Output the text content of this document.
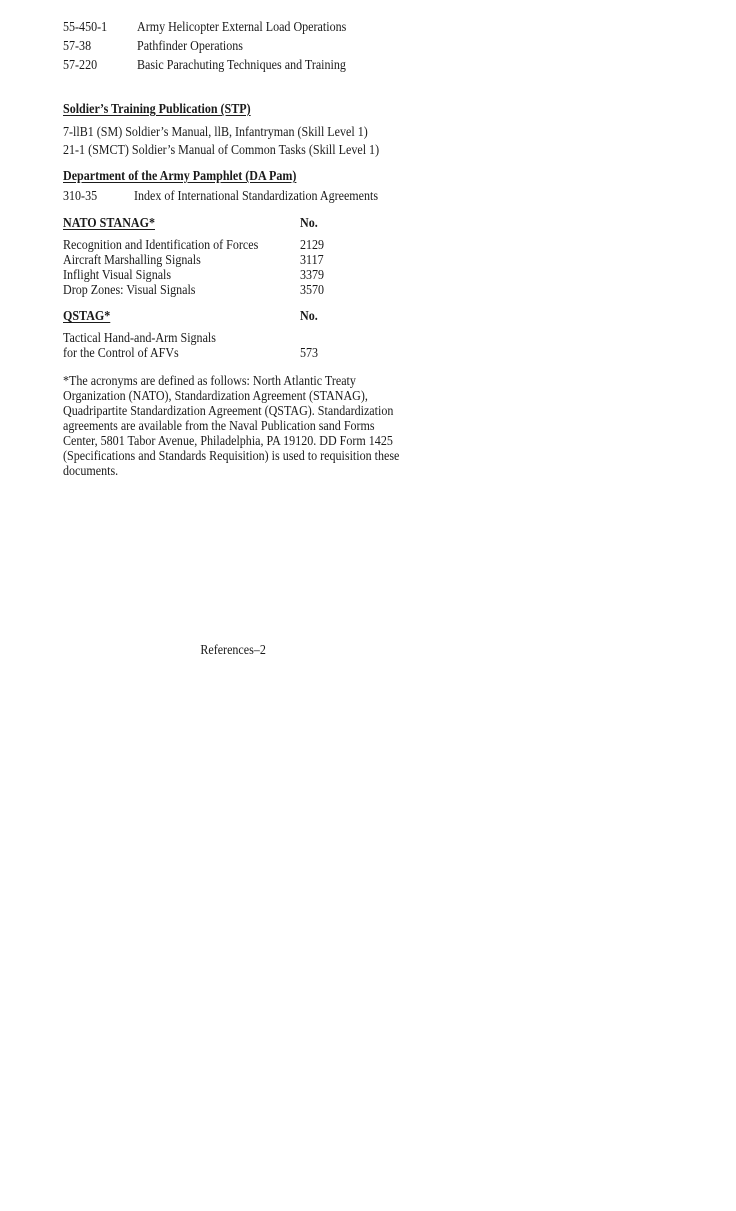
55-450-1 Army Helicopter External Load Operations
57-38	Pathfinder Operations
57-220	Basic Parachuting Techniques and Training
Soldier’s Training Publication (STP)
7-llB1 (SM) Soldier’s Manual, llB, Infantryman (Skill Level 1)
21-1 (SMCT) Soldier’s Manual of Common Tasks (Skill Level 1)
Department of the Army Pamphlet (DA Pam)
310-35	Index of International Standardization Agreements
NATO STANAG*	No.
Recognition and Identification of Forces	2129
Aircraft Marshalling Signals	3117
Inflight Visual Signals	3379
Drop Zones: Visual Signals	3570
QSTAG*	No.
Tactical Hand-and-Arm Signals
for the Control of AFVs	573
*The acronyms are defined as follows: North Atlantic Treaty Organization (NATO), Standardization Agreement (STANAG), Quadripartite Standardization Agreement (QSTAG). Standardization agreements are available from the Naval Publication sand Forms Center, 5801 Tabor Avenue, Philadelphia, PA 19120. DD Form 1425 (Specifications and Standards Requisition) is used to requisition these documents.
References–2
